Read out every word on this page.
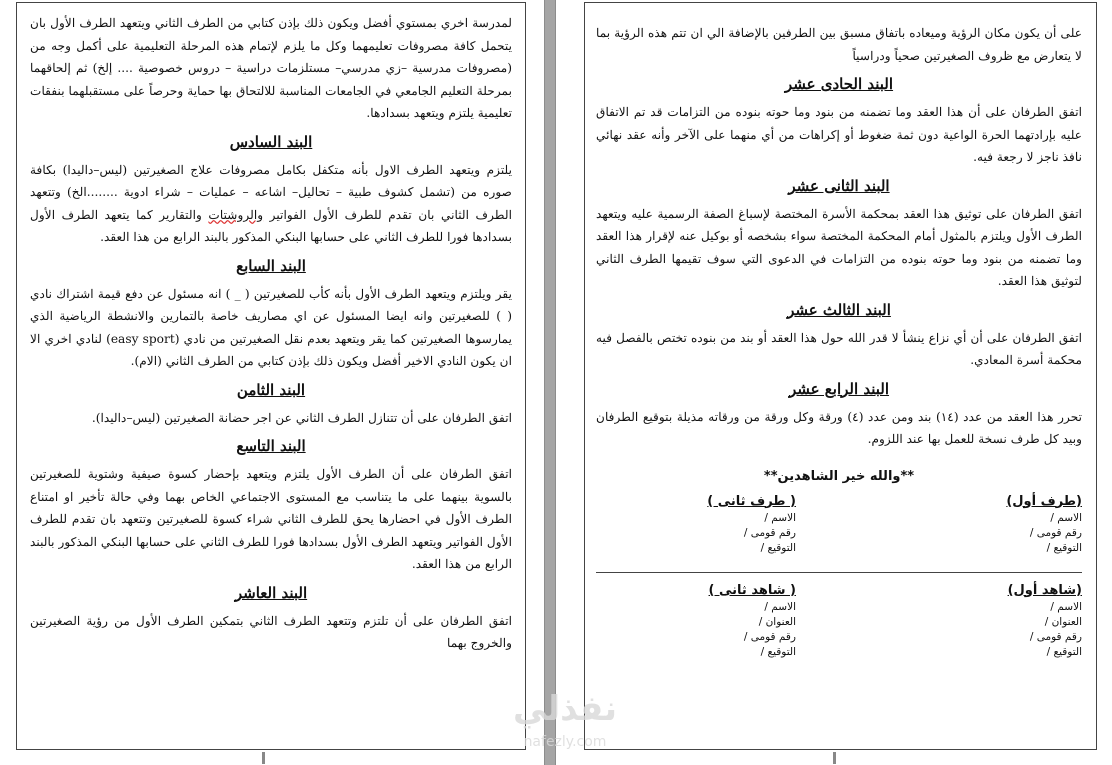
لمدرسة اخري بمستوي أفضل ويكون ذلك بإذن كتابي من الطرف الثاني ويتعهد الطرف الأول بان يتحمل كافة مصروفات تعليمهما وكل ما يلزم لإتمام هذه المرحلة التعليمية على أكمل وجه من (مصروفات مدرسية –زي مدرسي– مستلزمات دراسية – دروس خصوصية .... إلخ) ثم إلحاقهما بمرحلة التعليم الجامعي في الجامعات المناسبة للالتحاق بها حماية وحرصاً على مستقبلهما بنفقات تعليمية يلتزم ويتعهد بسدادها.

البند السادس

يلتزم ويتعهد الطرف الاول بأنه متكفل بكامل مصروفات علاج الصغيرتين (ليس–داليدا) بكافة صوره من (تشمل كشوف طبية – تحاليل– اشاعه – عمليات – شراء ادوية ........الخ) وتتعهد الطرف الثاني بان تقدم للطرف الأول الفواتير والروشتات والتقارير كما يتعهد الطرف الأول بسدادها فورا للطرف الثاني على حسابها البنكي المذكور بالبند الرابع من هذا العقد.

البند السابع

يقر ويلتزم ويتعهد الطرف الأول بأنه كأب للصغيرتين ( _ ) انه مسئول عن دفع قيمة اشتراك نادي ( ) للصغيرتين وانه ايضا المسئول عن اي مصاريف خاصة بالتمارين والانشطة الرياضية الذي يمارسوها الصغيرتين كما يقر ويتعهد بعدم نقل الصغيرتين من نادي (easy sport) لنادي اخري الا ان يكون النادي الاخير أفضل ويكون ذلك بإذن كتابي من الطرف الثاني (الام).

البند الثامن

اتفق الطرفان على أن تتنازل الطرف الثاني عن اجر حضانة الصغيرتين (ليس–داليدا).

البند التاسع

اتفق الطرفان على أن الطرف الأول يلتزم ويتعهد بإحضار كسوة صيفية وشتوية للصغيرتين بالسوية بينهما على ما يتناسب مع المستوى الاجتماعي الخاص بهما وفي حالة تأخير او امتناع الطرف الأول في احضارها يحق للطرف الثاني شراء كسوة للصغيرتين وتتعهد بان تقدم للطرف الأول الفواتير ويتعهد الطرف الأول بسدادها فورا للطرف الثاني على حسابها البنكي المذكور بالبند الرابع من هذا العقد.

البند العاشر

اتفق الطرفان على أن تلتزم وتتعهد الطرف الثاني بتمكين الطرف الأول من رؤية الصغيرتين والخروج بهما

على أن يكون مكان الرؤية وميعاده باتفاق مسبق بين الطرفين بالإضافة الي ان تتم هذه الرؤية بما لا يتعارض مع ظروف الصغيرتين صحياً ودراسياً

البند الحادى عشر

اتفق الطرفان على أن هذا العقد وما تضمنه من بنود وما حوته بنوده من التزامات قد تم الاتفاق عليه بإرادتهما الحرة الواعية دون ثمة ضغوط أو إكراهات من أي منهما على الآخر وأنه عقد نهائي نافذ ناجز لا رجعة فيه.

البند الثانى عشر

اتفق الطرفان على توثيق هذا العقد بمحكمة الأسرة المختصة لإسباغ الصفة الرسمية عليه ويتعهد الطرف الأول ويلتزم بالمثول أمام المحكمة المختصة سواء بشخصه أو بوكيل عنه لإقرار هذا العقد وما تضمنه من بنود وما حوته بنوده من التزامات في الدعوى التي سوف تقيمها الطرف الثاني لتوثيق هذا العقد.

البند الثالث عشر

اتفق الطرفان على أن أي نزاع ينشأ لا قدر الله حول هذا العقد أو بند من بنوده تختص بالفصل فيه محكمة أسرة المعادي.

البند الرابع عشر

تحرر هذا العقد من عدد (١٤) بند ومن عدد (٤) ورقة وكل ورقة من ورقاته مذيلة بتوقيع الطرفان وبيد كل طرف نسخة للعمل بها عند اللزوم.

**والله خير الشاهدين**
(طرف أول)
الاسم /
رقم قومى /
التوقيع /
( طرف ثانى )
الاسم /
رقم قومى /
التوقيع /
(شاهد أول)
الاسم /
العنوان /
رقم قومى /
التوقيع /
( شاهد ثانى )
الاسم /
العنوان /
رقم قومى /
التوقيع /
نفذلي
nafezly.com
